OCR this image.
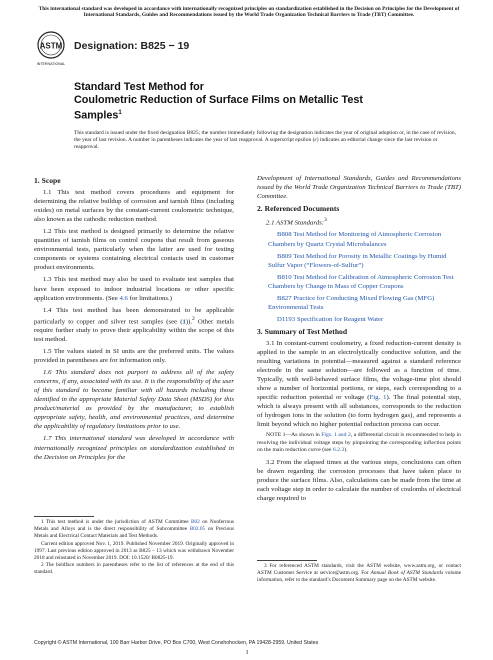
This international standard was developed in accordance with internationally recognized principles on standardization established in the Decision on Principles for the Development of International Standards, Guides and Recommendations issued by the World Trade Organization Technical Barriers to Trade (TBT) Committee.
ASTM
INTERNATIONAL
Designation: B825 − 19
Standard Test Method for
Coulometric Reduction of Surface Films on Metallic Test
Samples$^1$
This standard is issued under the fixed designation B825; the number immediately following the designation indicates the year of original adoption or, in the case of revision, the year of last revision. A number in parentheses indicates the year of last reapproval. A superscript epsilon (ε) indicates an editorial change since the last revision or reapproval.
1. Scope

1.1 This test method covers procedures and equipment for determining the relative buildup of corrosion and tarnish films (including oxides) on metal surfaces by the constant-current coulometric technique, also known as the cathodic reduction method.

1.2 This test method is designed primarily to determine the relative quantities of tarnish films on control coupons that result from gaseous environmental tests, particularly when the latter are used for testing components or systems containing electrical contacts used in customer product environments.

1.3 This test method may also be used to evaluate test samples that have been exposed to indoor industrial locations or other specific application environments. (See 4.6 for limitations.)

1.4 This test method has been demonstrated to be applicable particularly to copper and silver test samples (see (1)).$^2$ Other metals require further study to prove their applicability within the scope of this test method.

1.5 The values stated in SI units are the preferred units. The values provided in parentheses are for information only.

1.6 This standard does not purport to address all of the safety concerns, if any, associated with its use. It is the responsibility of the user of this standard to become familiar with all hazards including those identified in the appropriate Material Safety Data Sheet (MSDS) for this product/material as provided by the manufacturer, to establish appropriate safety, health, and environmental practices, and determine the applicability of regulatory limitations prior to use.

1.7 This international standard was developed in accordance with internationally recognized principles on standardization established in the Decision on Principles for the

Development of International Standards, Guides and Recommendations issued by the World Trade Organization Technical Barriers to Trade (TBT) Committee.

2. Referenced Documents

2.1 ASTM Standards:$^3$

B808 Test Method for Monitoring of Atmospheric Corrosion Chambers by Quartz Crystal Microbalances

B809 Test Method for Porosity in Metallic Coatings by Humid Sulfur Vapor (“Flowers-of-Sulfur”)

B810 Test Method for Calibration of Atmospheric Corrosion Test Chambers by Change in Mass of Copper Coupons

B827 Practice for Conducting Mixed Flowing Gas (MFG) Environmental Tests

D1193 Specification for Reagent Water

3. Summary of Test Method

3.1 In constant-current coulometry, a fixed reduction-current density is applied to the sample in an electrolytically conductive solution, and the resulting variations in potential—measured against a standard reference electrode in the same solution—are followed as a function of time. Typically, with well-behaved surface films, the voltage-time plot should show a number of horizontal portions, or steps, each corresponding to a specific reduction potential or voltage (Fig. 1). The final potential step, which is always present with all substances, corresponds to the reduction of hydrogen ions in the solution (to form hydrogen gas), and represents a limit beyond which no higher potential reduction process can occur.

NOTE 1—As shown in Figs. 1 and 2, a differential circuit is recommended to help in resolving the individual voltage steps by pinpointing the corresponding inflection points on the main reduction curve (see 6.2.3).

3.2 From the elapsed times at the various steps, conclusions can often be drawn regarding the corrosion processes that have taken place to produce the surface films. Also, calculations can be made from the time at each voltage step in order to calculate the number of coulombs of electrical charge required to

1 This test method is under the jurisdiction of ASTM Committee B02 on Nonferrous Metals and Alloys and is the direct responsibility of Subcommittee B02.05 on Precious Metals and Electrical Contact Materials and Test Methods.

Current edition approved Nov. 1, 2019. Published November 2019. Originally approved in 1997. Last previous edition approved in 2013 as B825 – 13 which was withdrawn November 2018 and reinstated in November 2019. DOI: 10.1520/ B0825-19.

2 The boldface numbers in parentheses refer to the list of references at the end of this standard.

3 For referenced ASTM standards, visit the ASTM website, www.astm.org, or contact ASTM Customer Service at service@astm.org. For Annual Book of ASTM Standards volume information, refer to the standard’s Document Summary page on the ASTM website.

Copyright © ASTM International, 100 Barr Harbor Drive, PO Box C700, West Conshohocken, PA 19428-2959. United States
1
